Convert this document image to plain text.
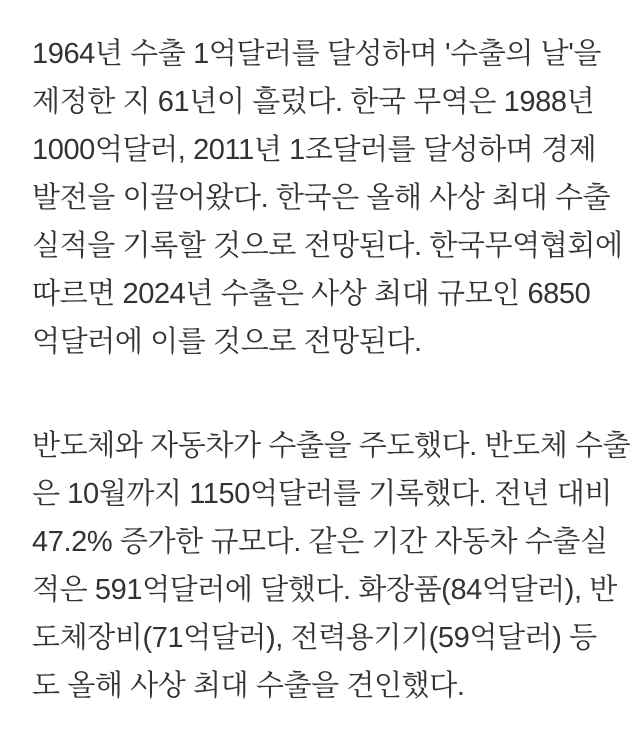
1964년 수출 1억달러를 달성하며 '수출의 날'을
제정한 지 61년이 흘렀다. 한국 무역은 1988년
1000억달러, 2011년 1조달러를 달성하며 경제
발전을 이끌어왔다. 한국은 올해 사상 최대 수출
실적을 기록할 것으로 전망된다. 한국무역협회에
따르면 2024년 수출은 사상 최대 규모인 6850
억달러에 이를 것으로 전망된다.
반도체와 자동차가 수출을 주도했다. 반도체 수출
은 10월까지 1150억달러를 기록했다. 전년 대비
47.2% 증가한 규모다. 같은 기간 자동차 수출실
적은 591억달러에 달했다. 화장품(84억달러), 반
도체장비(71억달러), 전력용기기(59억달러) 등
도 올해 사상 최대 수출을 견인했다.
